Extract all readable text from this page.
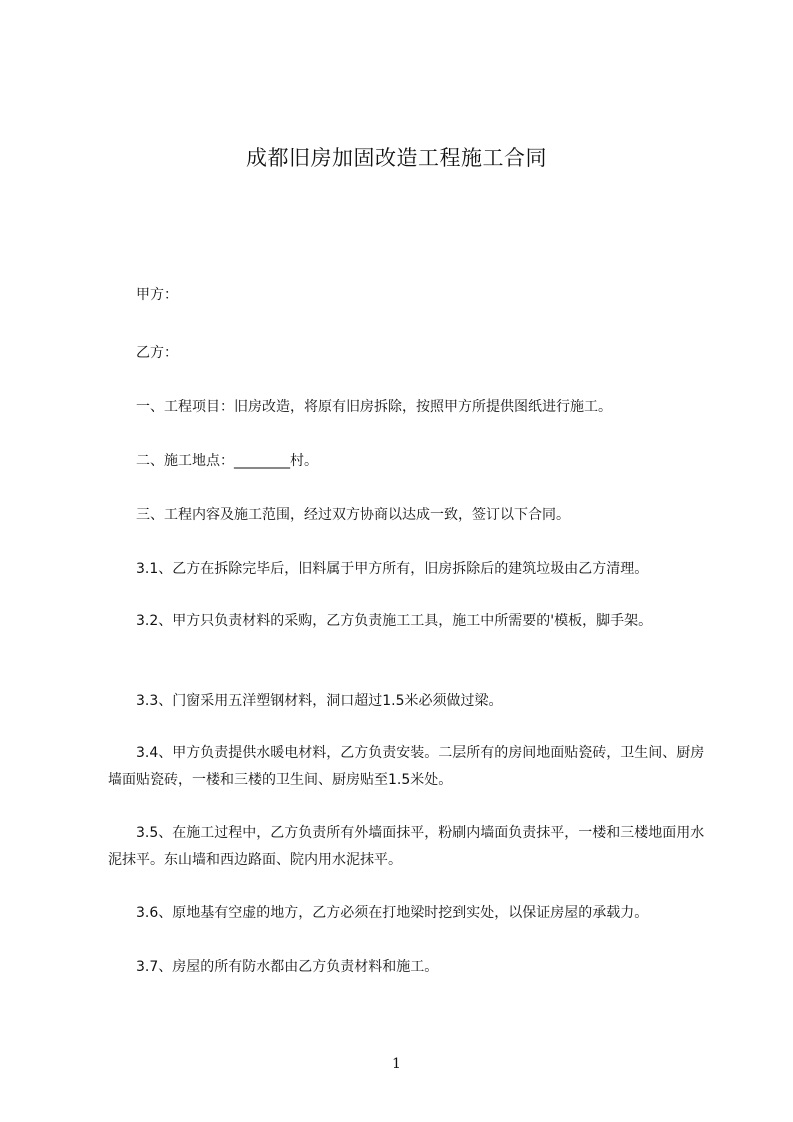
成都旧房加固改造工程施工合同

甲方：

乙方：

一、工程项目：旧房改造，将原有旧房拆除，按照甲方所提供图纸进行施工。

二、施工地点：________村。

三、工程内容及施工范围，经过双方协商以达成一致，签订以下合同。

3.1、乙方在拆除完毕后，旧料属于甲方所有，旧房拆除后的建筑垃圾由乙方清理。

3.2、甲方只负责材料的采购，乙方负责施工工具，施工中所需要的'模板，脚手架。

3.3、门窗采用五洋塑钢材料，洞口超过1.5米必须做过梁。

3.4、甲方负责提供水暖电材料，乙方负责安装。二层所有的房间地面贴瓷砖，卫生间、厨房墙面贴瓷砖，一楼和三楼的卫生间、厨房贴至1.5米处。

3.5、在施工过程中，乙方负责所有外墙面抹平，粉刷内墙面负责抹平，一楼和三楼地面用水泥抹平。东山墙和西边路面、院内用水泥抹平。

3.6、原地基有空虚的地方，乙方必须在打地梁时挖到实处，以保证房屋的承载力。

3.7、房屋的所有防水都由乙方负责材料和施工。

1
